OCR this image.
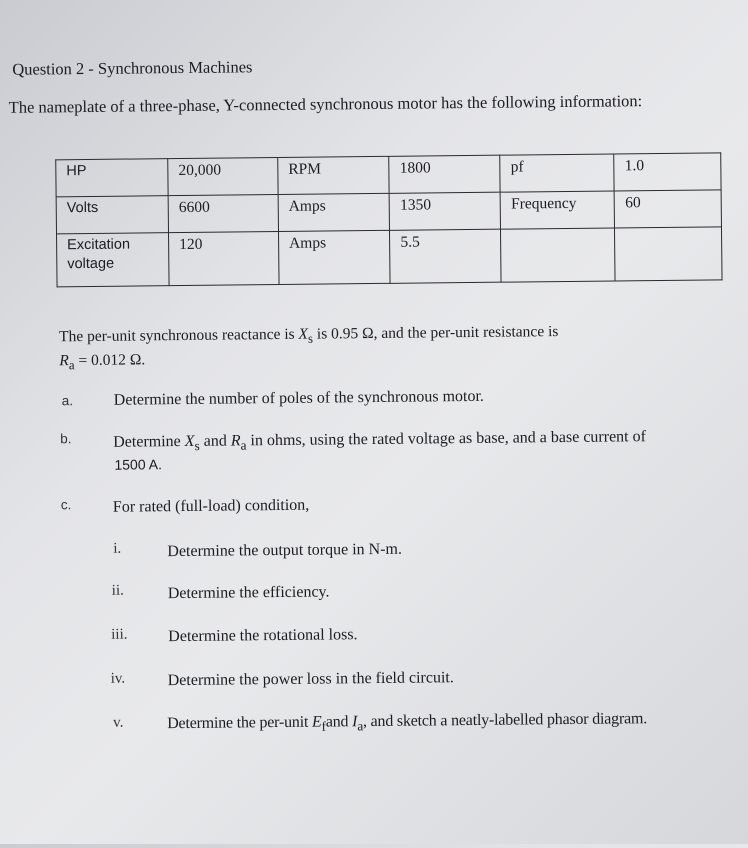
Question 2 - Synchronous Machines
The nameplate of a three-phase, Y-connected synchronous motor has the following information:
HP	20,000	RPM	1800	pf	1.0
Volts	6600	Amps	1350	Frequency	60
Excitation voltage	120	Amps	5.5		
The per-unit synchronous reactance is $X_s$ is 0.95 Ω, and the per-unit resistance is
$R_a = 0.012$ Ω.
a.	Determine the number of poles of the synchronous motor.
b.	Determine $X_s$ and $R_a$ in ohms, using the rated voltage as base, and a base current of
1500 A.
c.	For rated (full-load) condition,
i.	Determine the output torque in N-m.
ii.	Determine the efficiency.
iii.	Determine the rotational loss.
iv.	Determine the power loss in the field circuit.
v.	Determine the per-unit $E_fand$ $I_a$, and sketch a neatly-labelled phasor diagram.
